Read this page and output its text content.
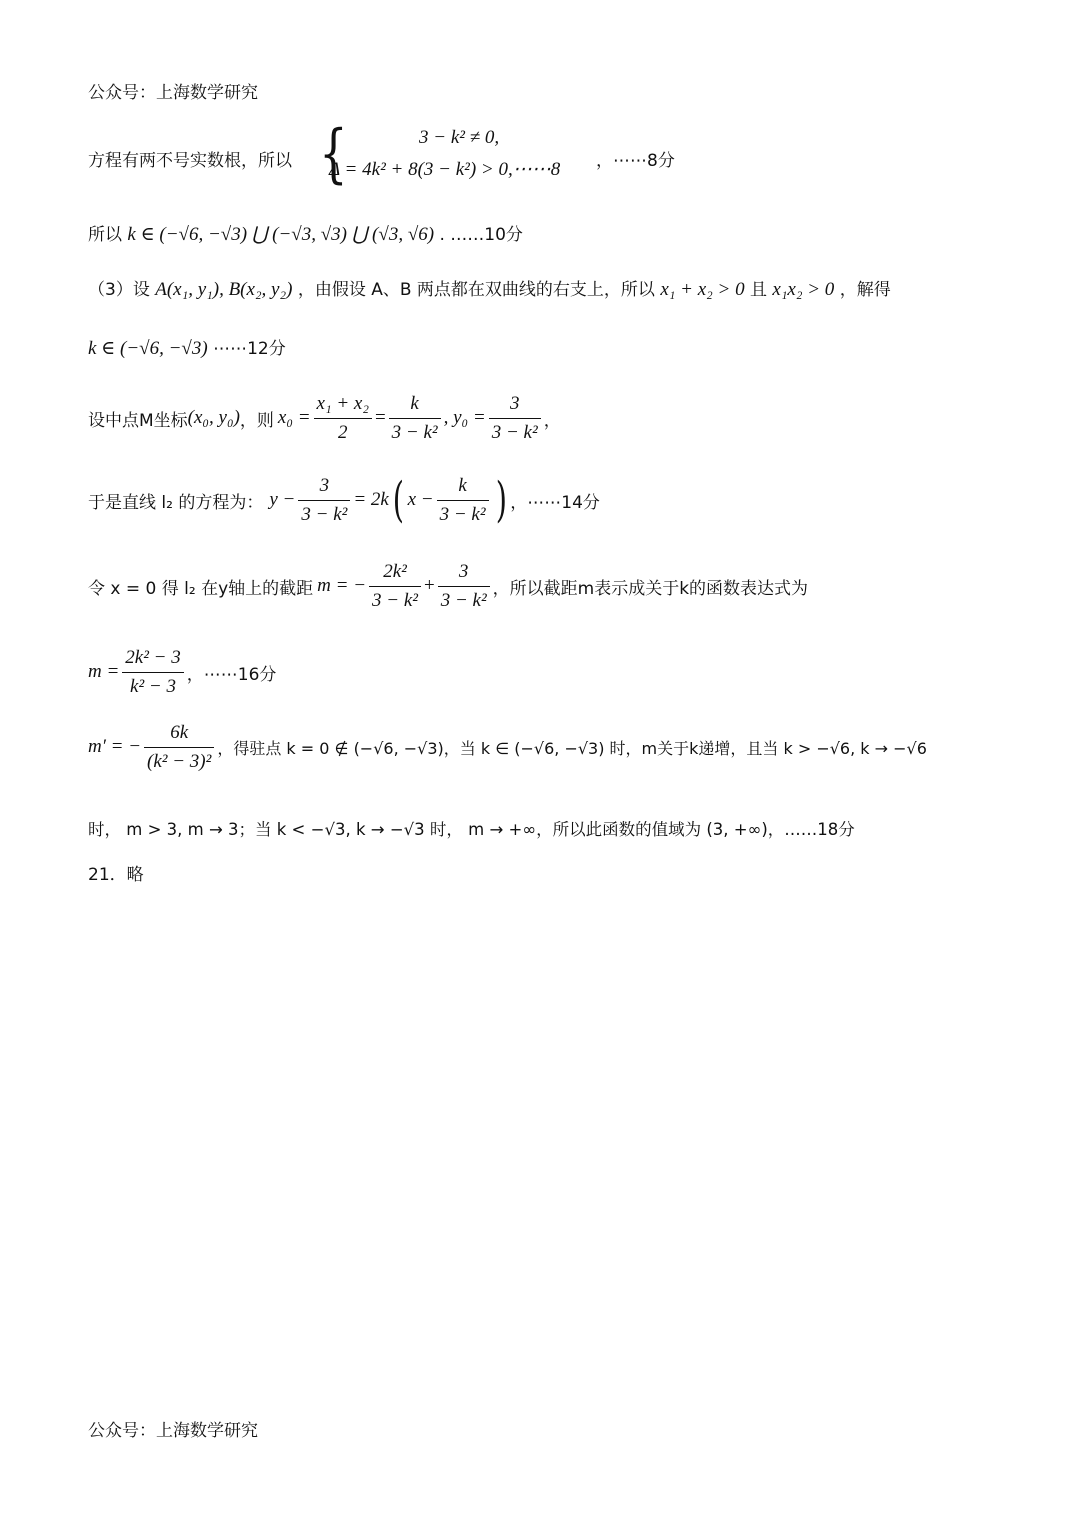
公众号：上海数学研究
方程有两不号实数根，所以 {	3 − k² ≠ 0,
Δ = 4k² + 8(3 − k²) > 0,⋯⋯8 ，⋯⋯8分
所以 k ∈ (−√6, −√3) ⋃ (−√3, √3) ⋃ (√3, √6) . ……10分
（3）设 A(x₁, y₁), B(x₂, y₂) ，由假设 A、B 两点都在双曲线的右支上，所以 x₁ + x₂ > 0 且 x₁x₂ > 0 ，解得
k ∈ (−√6, −√3) ⋯⋯12分
设中点M坐标 (x₀, y₀) ，则 $x_0 = \frac{\text{x₁ + x₂}}{2} = \frac{k}{\text{3 − k²}}$ , $y_0 = \frac{3}{\text{3 − k²}}$ ，
于是直线 l₂ 的方程为： $y - \frac{3}{\text{3 − k²}} = 2k$ ( $x - \frac{k}{\text{3 − k²}}$ ) ，⋯⋯14分
令 x = 0 得 l₂ 在y轴上的截距 m = − $\frac{\text{2k²}}{\text{3 − k²}} + \frac{3}{\text{3 − k²}}$ ，所以截距m表示成关于k的函数表达式为
$m = \frac{\text{2k² − 3}}{\text{k² − 3}}$ ，⋯⋯16分
m′ = − $\frac{6k}{\text{(k² − 3)²}}$ ，得驻点 k = 0 ∉ (−√6, −√3)，当 k ∈ (−√6, −√3) 时，m关于k递增，且当 k > −√6, k → −√6
时， m > 3, m → 3；当 k < −√3, k → −√3 时， m → +∞，所以此函数的值域为 (3, +∞)，……18分
21．略
公众号：上海数学研究
